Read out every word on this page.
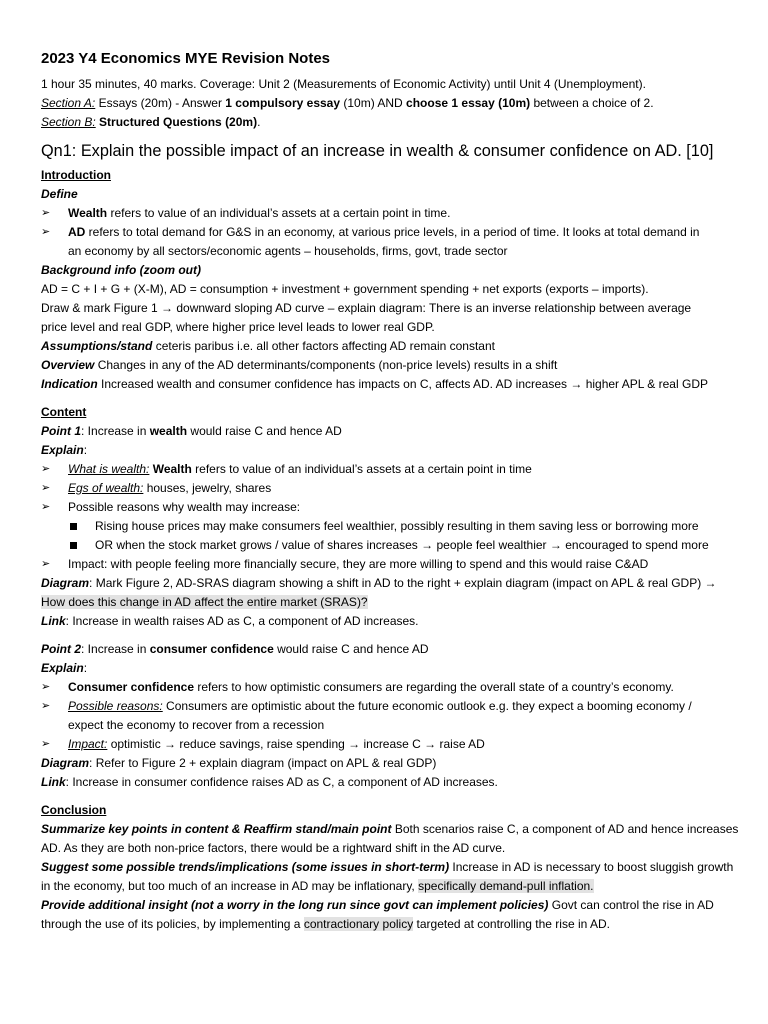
2023 Y4 Economics MYE Revision Notes
1 hour 35 minutes, 40 marks. Coverage: Unit 2 (Measurements of Economic Activity) until Unit 4 (Unemployment).
Section A: Essays (20m) - Answer 1 compulsory essay (10m) AND choose 1 essay (10m) between a choice of 2.
Section B: Structured Questions (20m).
Qn1: Explain the possible impact of an increase in wealth & consumer confidence on AD. [10]
Introduction
Define
➢ Wealth refers to value of an individual’s assets at a certain point in time.
➢ AD refers to total demand for G&S in an economy, at various price levels, in a period of time. It looks at total demand in
an economy by all sectors/economic agents – households, firms, govt, trade sector
Background info (zoom out)
AD = C + I + G + (X-M), AD = consumption + investment + government spending + net exports (exports – imports).
Draw & mark Figure 1 → downward sloping AD curve – explain diagram: There is an inverse relationship between average
price level and real GDP, where higher price level leads to lower real GDP.
Assumptions/stand ceteris paribus i.e. all other factors affecting AD remain constant
Overview Changes in any of the AD determinants/components (non-price levels) results in a shift
Indication Increased wealth and consumer confidence has impacts on C, affects AD. AD increases → higher APL & real GDP
Content
Point 1: Increase in wealth would raise C and hence AD
Explain:
➢ What is wealth: Wealth refers to value of an individual’s assets at a certain point in time
➢ Egs of wealth: houses, jewelry, shares
➢ Possible reasons why wealth may increase:
Rising house prices may make consumers feel wealthier, possibly resulting in them saving less or borrowing more
OR when the stock market grows / value of shares increases → people feel wealthier → encouraged to spend more
➢ Impact: with people feeling more financially secure, they are more willing to spend and this would raise C&AD
Diagram: Mark Figure 2, AD-SRAS diagram showing a shift in AD to the right + explain diagram (impact on APL & real GDP) →
How does this change in AD affect the entire market (SRAS)?
Link: Increase in wealth raises AD as C, a component of AD increases.
Point 2: Increase in consumer confidence would raise C and hence AD
Explain:
➢ Consumer confidence refers to how optimistic consumers are regarding the overall state of a country’s economy.
➢ Possible reasons: Consumers are optimistic about the future economic outlook e.g. they expect a booming economy /
expect the economy to recover from a recession
➢ Impact: optimistic → reduce savings, raise spending → increase C → raise AD
Diagram: Refer to Figure 2 + explain diagram (impact on APL & real GDP)
Link: Increase in consumer confidence raises AD as C, a component of AD increases.
Conclusion
Summarize key points in content & Reaffirm stand/main point Both scenarios raise C, a component of AD and hence increases
AD. As they are both non-price factors, there would be a rightward shift in the AD curve.
Suggest some possible trends/implications (some issues in short-term) Increase in AD is necessary to boost sluggish growth
in the economy, but too much of an increase in AD may be inflationary, specifically demand-pull inflation.
Provide additional insight (not a worry in the long run since govt can implement policies) Govt can control the rise in AD
through the use of its policies, by implementing a contractionary policy targeted at controlling the rise in AD.
